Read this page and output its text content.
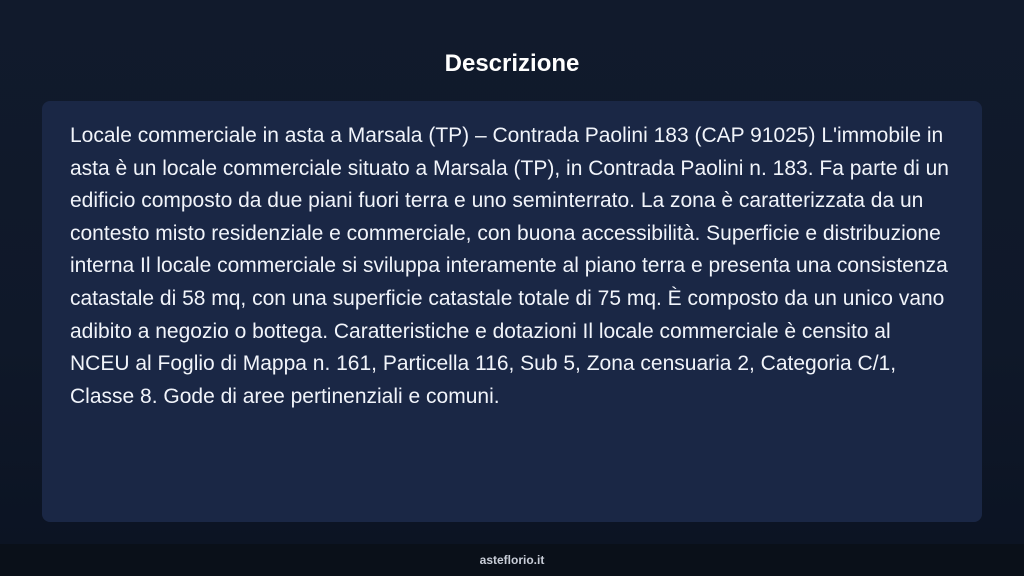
Descrizione

Locale commerciale in asta a Marsala (TP) – Contrada Paolini 183 (CAP 91025) L'immobile in asta è un locale commerciale situato a Marsala (TP), in Contrada Paolini n. 183. Fa parte di un edificio composto da due piani fuori terra e uno seminterrato. La zona è caratterizzata da un contesto misto residenziale e commerciale, con buona accessibilità. Superficie e distribuzione interna Il locale commerciale si sviluppa interamente al piano terra e presenta una consistenza catastale di 58 mq, con una superficie catastale totale di 75 mq. È composto da un unico vano adibito a negozio o bottega. Caratteristiche e dotazioni Il locale commerciale è censito al NCEU al Foglio di Mappa n. 161, Particella 116, Sub 5, Zona censuaria 2, Categoria C/1, Classe 8. Gode di aree pertinenziali e comuni.

asteflorio.it
